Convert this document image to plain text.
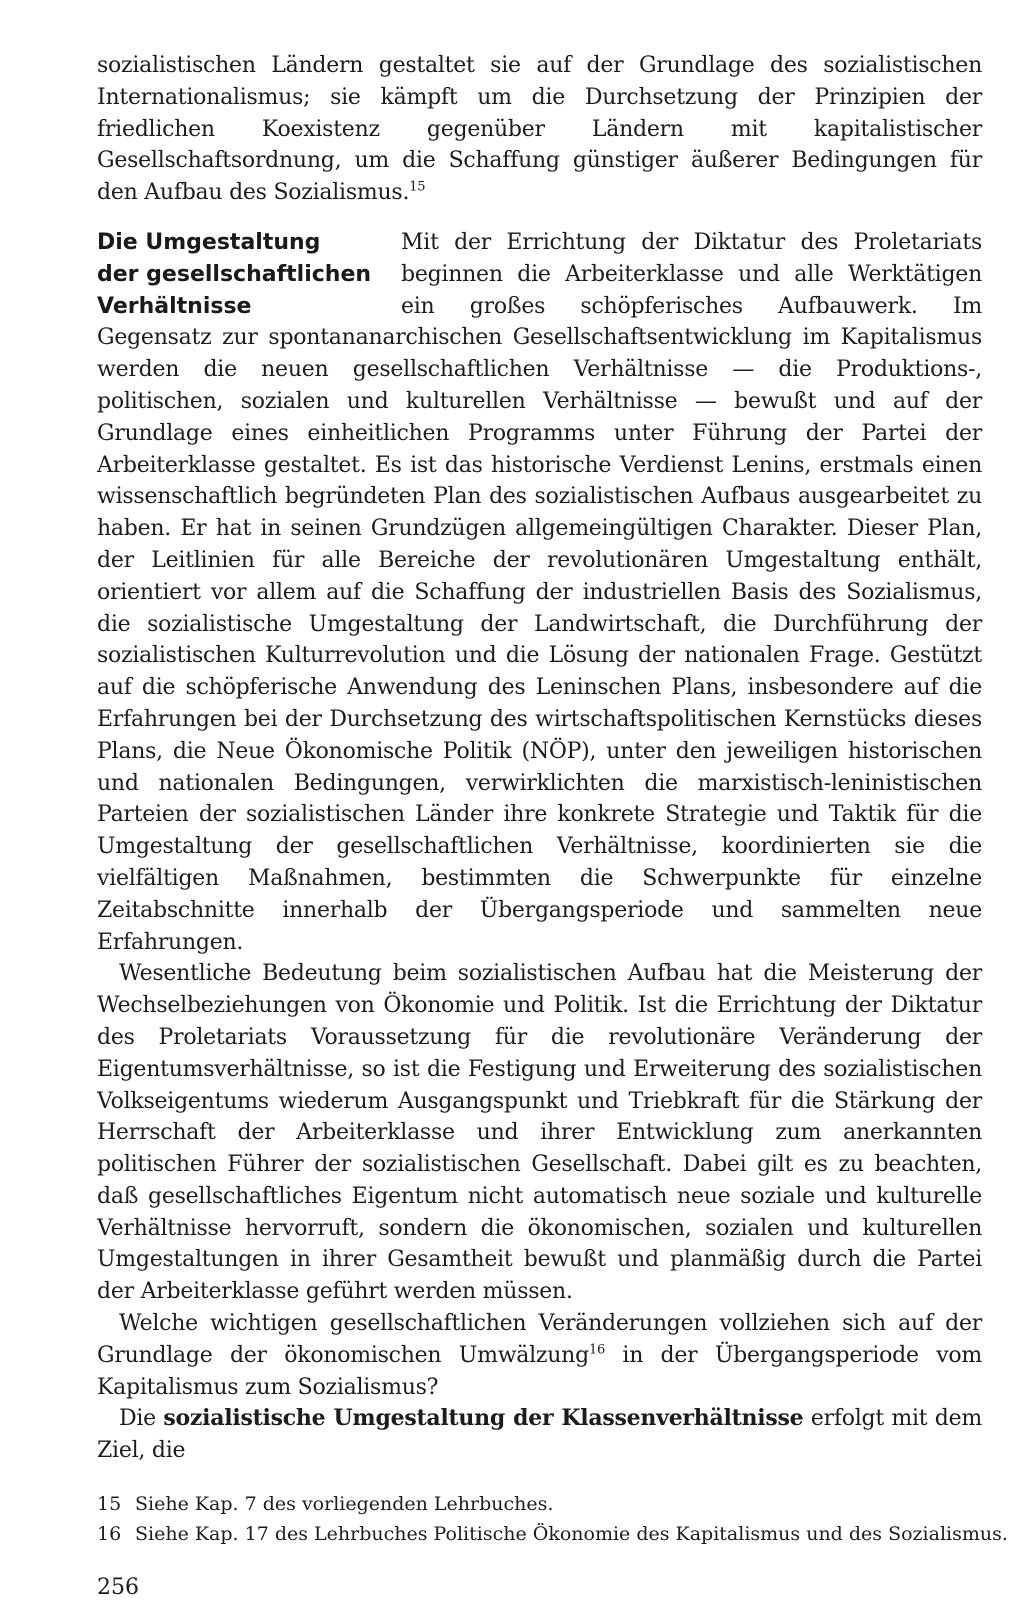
sozialistischen Ländern gestaltet sie auf der Grundlage des sozialistischen Internationalismus; sie kämpft um die Durchsetzung der Prinzipien der friedlichen Koexistenz gegenüber Ländern mit kapitalistischer Gesellschaftsordnung, um die Schaffung günstiger äußerer Bedingungen für den Aufbau des Sozialismus.$^{15}$

Die Umgestaltung
der gesellschaftlichen
Verhältnisse

Mit der Errichtung der Diktatur des Proletariats beginnen die Arbeiterklasse und alle Werktätigen ein großes schöpferisches Aufbauwerk. Im Gegensatz zur spontananarchischen Gesellschaftsentwicklung im Kapitalismus werden die neuen gesellschaftlichen Verhältnisse — die Produktions-, politischen, sozialen und kulturellen Verhältnisse — bewußt und auf der Grundlage eines einheitlichen Programms unter Führung der Partei der Arbeiterklasse gestaltet. Es ist das historische Verdienst Lenins, erstmals einen wissenschaftlich begründeten Plan des sozialistischen Aufbaus ausgearbeitet zu haben. Er hat in seinen Grundzügen allgemeingültigen Charakter. Dieser Plan, der Leitlinien für alle Bereiche der revolutionären Umgestaltung enthält, orientiert vor allem auf die Schaffung der industriellen Basis des Sozialismus, die sozialistische Umgestaltung der Landwirtschaft, die Durchführung der sozialistischen Kulturrevolution und die Lösung der nationalen Frage. Gestützt auf die schöpferische Anwendung des Leninschen Plans, insbesondere auf die Erfahrungen bei der Durchsetzung des wirtschaftspolitischen Kernstücks dieses Plans, die Neue Ökonomische Politik (NÖP), unter den jeweiligen historischen und nationalen Bedingungen, verwirklichten die marxistisch-leninistischen Parteien der sozialistischen Länder ihre konkrete Strategie und Taktik für die Umgestaltung der gesellschaftlichen Verhältnisse, koordinierten sie die vielfältigen Maßnahmen, bestimmten die Schwerpunkte für einzelne Zeitabschnitte innerhalb der Übergangsperiode und sammelten neue Erfahrungen.

Wesentliche Bedeutung beim sozialistischen Aufbau hat die Meisterung der Wechselbeziehungen von Ökonomie und Politik. Ist die Errichtung der Diktatur des Proletariats Voraussetzung für die revolutionäre Veränderung der Eigentumsverhältnisse, so ist die Festigung und Erweiterung des sozialistischen Volkseigentums wiederum Ausgangspunkt und Triebkraft für die Stärkung der Herrschaft der Arbeiterklasse und ihrer Entwicklung zum anerkannten politischen Führer der sozialistischen Gesellschaft. Dabei gilt es zu beachten, daß gesellschaftliches Eigentum nicht automatisch neue soziale und kulturelle Verhältnisse hervorruft, sondern die ökonomischen, sozialen und kulturellen Umgestaltungen in ihrer Gesamtheit bewußt und planmäßig durch die Partei der Arbeiterklasse geführt werden müssen.

Welche wichtigen gesellschaftlichen Veränderungen vollziehen sich auf der Grundlage der ökonomischen Umwälzung$^{16}$ in der Übergangsperiode vom Kapitalismus zum Sozialismus?

Die sozialistische Umgestaltung der Klassenverhältnisse erfolgt mit dem Ziel, die

15 Siehe Kap. 7 des vorliegenden Lehrbuches.

16 Siehe Kap. 17 des Lehrbuches Politische Ökonomie des Kapitalismus und des Sozialismus.

256
